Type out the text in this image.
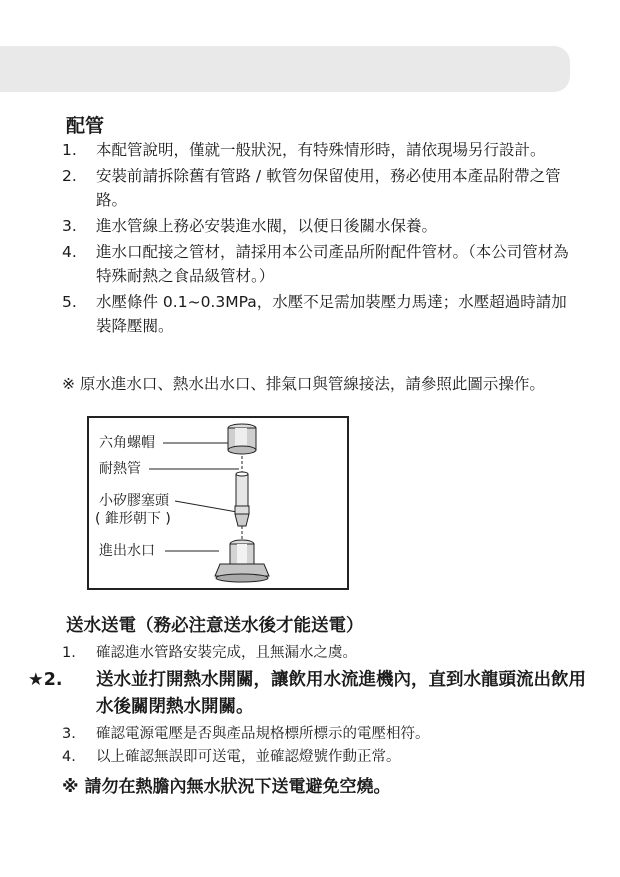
配管
1. 本配管說明，僅就一般狀況，有特殊情形時，請依現場另行設計。
2. 安裝前請拆除舊有管路 / 軟管勿保留使用，務必使用本產品附帶之管路。
3. 進水管線上務必安裝進水閥，以便日後關水保養。
4. 進水口配接之管材，請採用本公司產品所附配件管材。（本公司管材為特殊耐熱之食品級管材。）
5. 水壓條件 0.1~0.3MPa，水壓不足需加裝壓力馬達；水壓超過時請加裝降壓閥。
※ 原水進水口、熱水出水口、排氣口與管線接法，請參照此圖示操作。
六角螺帽
耐熱管
小矽膠塞頭
( 錐形朝下 )
進出水口
送水送電（務必注意送水後才能送電）
1. 確認進水管路安裝完成，且無漏水之虞。
★2. 送水並打開熱水開關，讓飲用水流進機內，直到水龍頭流出飲用水後關閉熱水開關。
3. 確認電源電壓是否與產品規格標所標示的電壓相符。
4. 以上確認無誤即可送電，並確認燈號作動正常。
※ 請勿在熱膽內無水狀況下送電避免空燒。
